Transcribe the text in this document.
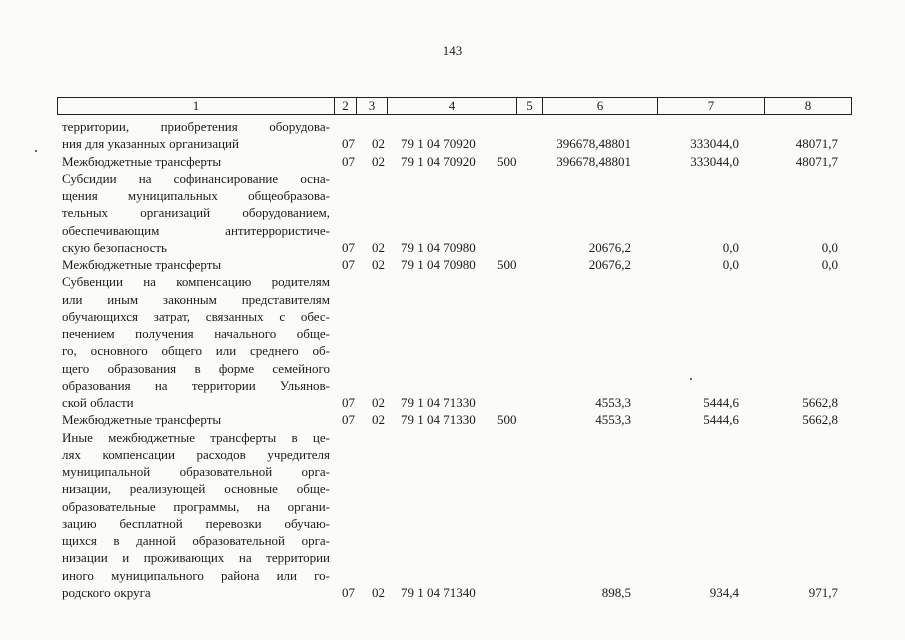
143
1	2	3	4	5	6	7	8
территории, приобретения оборудова-
ния для указанных организаций	07 02 79 1 04 70920	396678,48801	333044,0	48071,7
Межбюджетные трансферты	07 02 79 1 04 70920 500	396678,48801	333044,0	48071,7
Субсидии на софинансирование осна-
щения муниципальных общеобразова-
тельных организаций оборудованием,
обеспечивающим антитеррористиче-
скую безопасность	07 02 79 1 04 70980	20676,2	0,0	0,0
Межбюджетные трансферты	07 02 79 1 04 70980 500	20676,2	0,0	0,0
Субвенции на компенсацию родителям
или иным законным представителям
обучающихся затрат, связанных с обес-
печением получения начального обще-
го, основного общего или среднего об-
щего образования в форме семейного
образования на территории Ульянов-
ской области	07 02 79 1 04 71330	4553,3	5444,6	5662,8
Межбюджетные трансферты	07 02 79 1 04 71330 500	4553,3	5444,6	5662,8
Иные межбюджетные трансферты в це-
лях компенсации расходов учредителя
муниципальной образовательной орга-
низации, реализующей основные обще-
образовательные программы, на органи-
зацию бесплатной перевозки обучаю-
щихся в данной образовательной орга-
низации и проживающих на территории
иного муниципального района или го-
родского округа	07 02 79 1 04 71340	898,5	934,4	971,7
